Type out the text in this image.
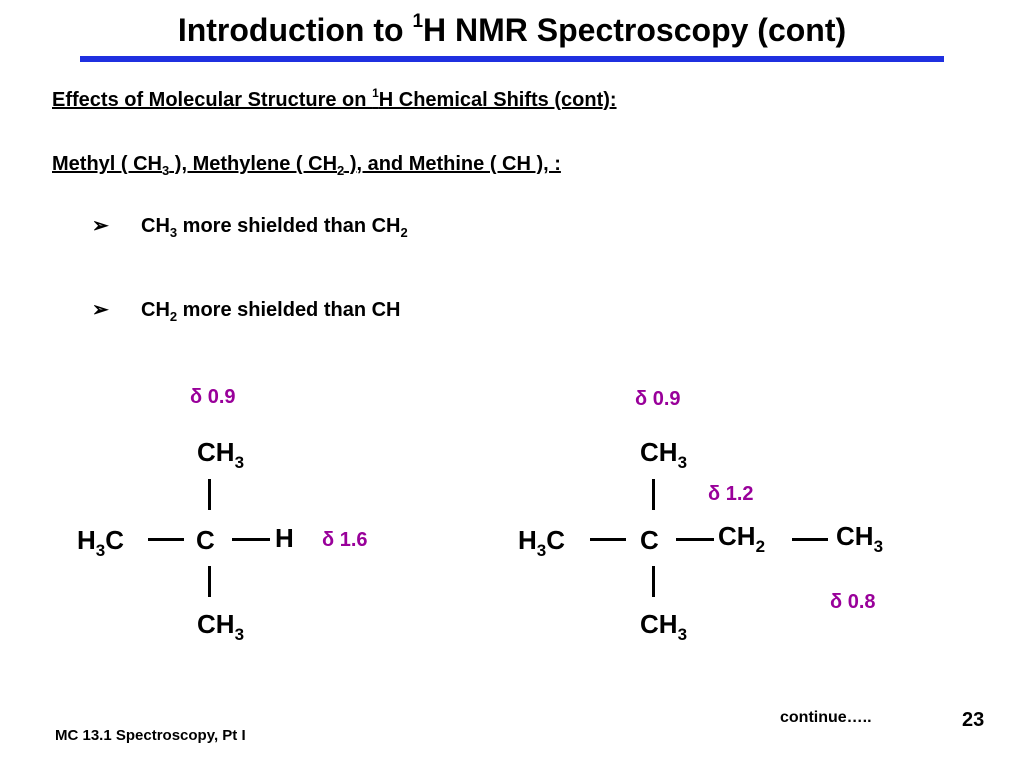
Introduction to $^1$H NMR Spectroscopy (cont)
Effects of Molecular Structure on $^1$H Chemical Shifts (cont):
Methyl ( $CH_3$ ), Methylene ( $CH_2$ ), and Methine ( CH ), :
➢ $CH_3$ more shielded than $CH_2$
➢ $CH_2$ more shielded than CH
δ 0.9
$CH_3$
$H_3C$	C H δ 1.6
$CH_3$
δ 0.9
$CH_3$
δ 1.2
$H_3C$	C $CH_2$	$CH_3$
δ 0.8
$CH_3$
continue…..	23
MC 13.1 Spectroscopy, Pt I
